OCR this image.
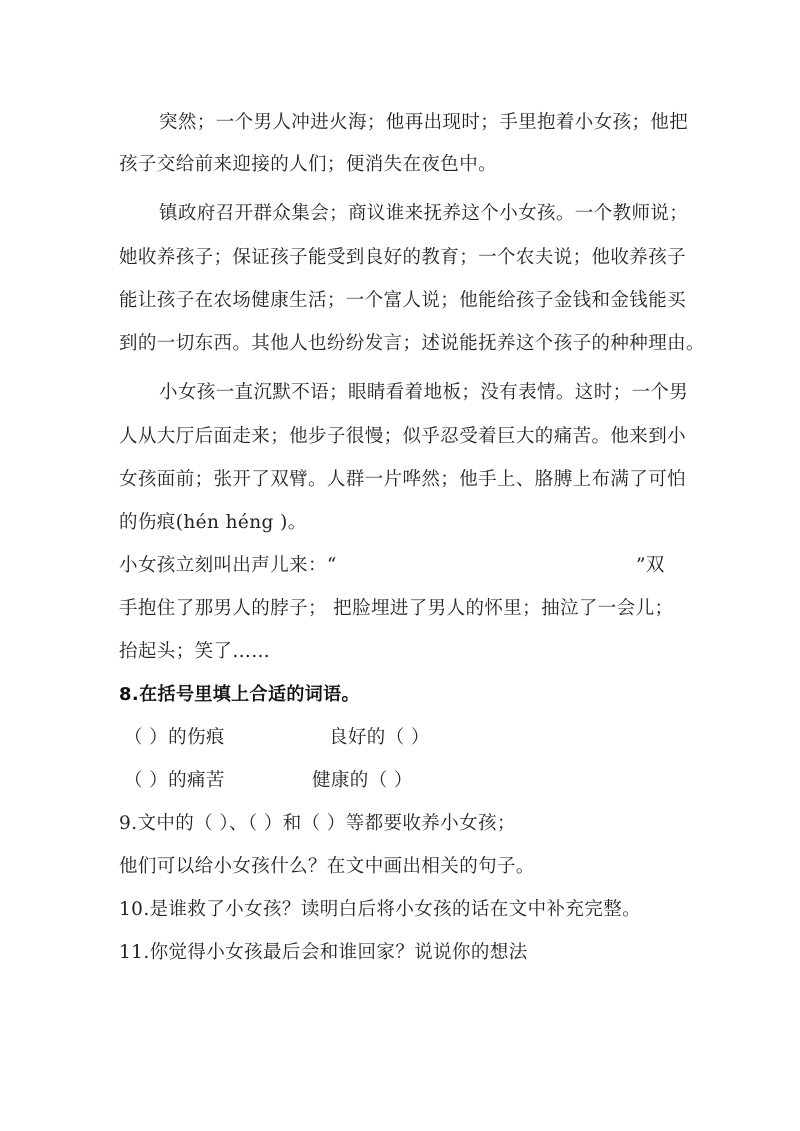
突然；一个男人冲进火海；他再出现时；手里抱着小女孩；他把
孩子交给前来迎接的人们；便消失在夜色中。
镇政府召开群众集会；商议谁来抚养这个小女孩。一个教师说；
她收养孩子；保证孩子能受到良好的教育；一个农夫说；他收养孩子
能让孩子在农场健康生活；一个富人说；他能给孩子金钱和金钱能买
到的一切东西。其他人也纷纷发言；述说能抚养这个孩子的种种理由。
小女孩一直沉默不语；眼睛看着地板；没有表情。这时；一个男
人从大厅后面走来；他步子很慢；似乎忍受着巨大的痛苦。他来到小
女孩面前；张开了双臂。人群一片哗然；他手上、胳膊上布满了可怕
的伤痕(hén héng )。
小女孩立刻叫出声儿来：“	”双
手抱住了那男人的脖子； 把脸埋进了男人的怀里；抽泣了一会儿；
抬起头；笑了……
8.在括号里填上合适的词语。
（ ）的伤痕	良好的（ ）
（ ）的痛苦	健康的（ ）
9.文中的（ ）、（ ）和（ ）等都要收养小女孩；
他们可以给小女孩什么？在文中画出相关的句子。
10.是谁救了小女孩？读明白后将小女孩的话在文中补充完整。
11.你觉得小女孩最后会和谁回家？说说你的想法
